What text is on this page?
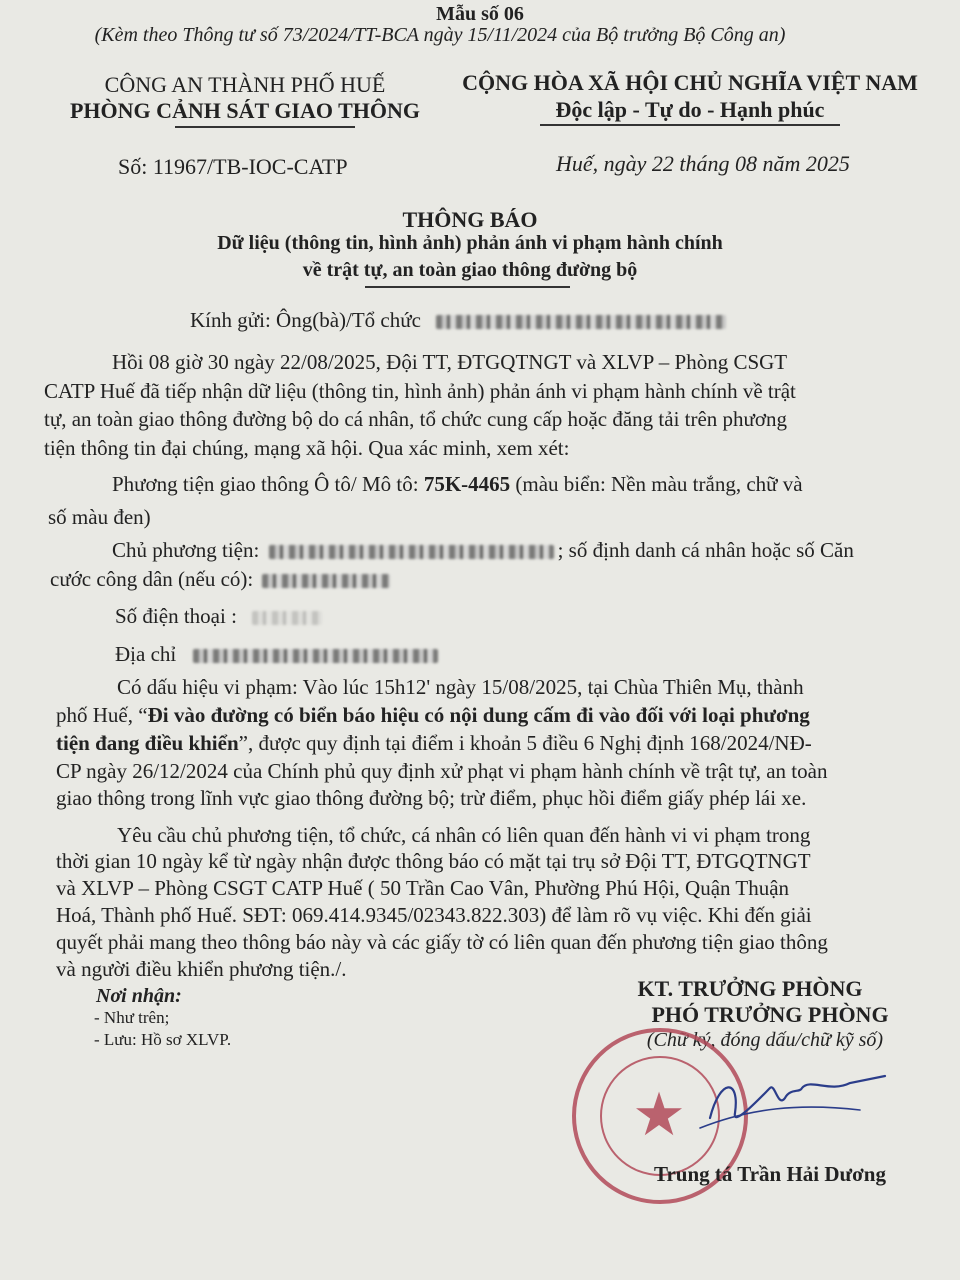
Mẫu số 06
(Kèm theo Thông tư số 73/2024/TT-BCA ngày 15/11/2024 của Bộ trưởng Bộ Công an)
CÔNG AN THÀNH PHỐ HUẾ
PHÒNG CẢNH SÁT GIAO THÔNG
CỘNG HÒA XÃ HỘI CHỦ NGHĨA VIỆT NAM
Độc lập - Tự do - Hạnh phúc
Số: 11967/TB-IOC-CATP	Huế, ngày 22 tháng 08 năm 2025
THÔNG BÁO
Dữ liệu (thông tin, hình ảnh) phản ánh vi phạm hành chính
về trật tự, an toàn giao thông đường bộ
Kính gửi: Ông(bà)/Tổ chức
Hồi 08 giờ 30 ngày 22/08/2025, Đội TT, ĐTGQTNGT và XLVP – Phòng CSGT
CATP Huế đã tiếp nhận dữ liệu (thông tin, hình ảnh) phản ánh vi phạm hành chính về trật
tự, an toàn giao thông đường bộ do cá nhân, tổ chức cung cấp hoặc đăng tải trên phương
tiện thông tin đại chúng, mạng xã hội. Qua xác minh, xem xét:
Phương tiện giao thông Ô tô/ Mô tô: 75K-4465 (màu biển: Nền màu trắng, chữ và
số màu đen)
Chủ phương tiện:	; số định danh cá nhân hoặc số Căn
cước công dân (nếu có):
Số điện thoại :
Địa chỉ
Có dấu hiệu vi phạm: Vào lúc 15h12' ngày 15/08/2025, tại Chùa Thiên Mụ, thành
phố Huế, “Đi vào đường có biển báo hiệu có nội dung cấm đi vào đối với loại phương
tiện đang điều khiển”, được quy định tại điểm i khoản 5 điều 6 Nghị định 168/2024/NĐ-
CP ngày 26/12/2024 của Chính phủ quy định xử phạt vi phạm hành chính về trật tự, an toàn
giao thông trong lĩnh vực giao thông đường bộ; trừ điểm, phục hồi điểm giấy phép lái xe.
Yêu cầu chủ phương tiện, tổ chức, cá nhân có liên quan đến hành vi vi phạm trong
thời gian 10 ngày kể từ ngày nhận được thông báo có mặt tại trụ sở Đội TT, ĐTGQTNGT
và XLVP – Phòng CSGT CATP Huế ( 50 Trần Cao Vân, Phường Phú Hội, Quận Thuận
Hoá, Thành phố Huế. SĐT: 069.414.9345/02343.822.303) để làm rõ vụ việc. Khi đến giải
quyết phải mang theo thông báo này và các giấy tờ có liên quan đến phương tiện giao thông
và người điều khiển phương tiện./.
Nơi nhận:
- Như trên;
- Lưu: Hồ sơ XLVP.
KT. TRƯỞNG PHÒNG
PHÓ TRƯỞNG PHÒNG
(Chữ ký, đóng dấu/chữ kỹ số)
★
Trung tá Trần Hải Dương
